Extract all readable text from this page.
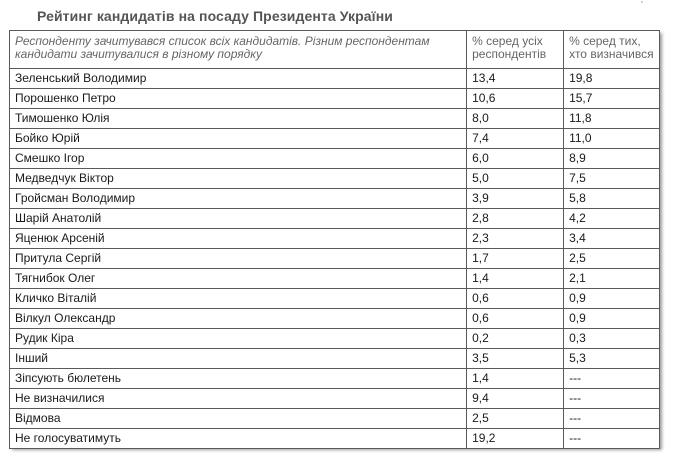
Рейтинг кандидатів на посаду Президента України
'
Респонденту зачитувався список всіх кандидатів. Різним респондентам кандидати зачитувалися в різному порядку	% серед усіх респондентів	% серед тих, хто визначився
Зеленський Володимир	13,4	19,8
Порошенко Петро	10,6	15,7
Тимошенко Юлія	8,0	11,8
Бойко Юрій	7,4	11,0
Смешко Ігор	6,0	8,9
Медведчук Віктор	5,0	7,5
Гройсман Володимир	3,9	5,8
Шарій Анатолій	2,8	4,2
Яценюк Арсеній	2,3	3,4
Притула Сергій	1,7	2,5
Тягнибок Олег	1,4	2,1
Кличко Віталій	0,6	0,9
Вілкул Олександр	0,6	0,9
Рудик Кіра	0,2	0,3
Інший	3,5	5,3
Зіпсують бюлетень	1,4	---
Не визначилися	9,4	---
Відмова	2,5	---
Не голосуватимуть	19,2	---
